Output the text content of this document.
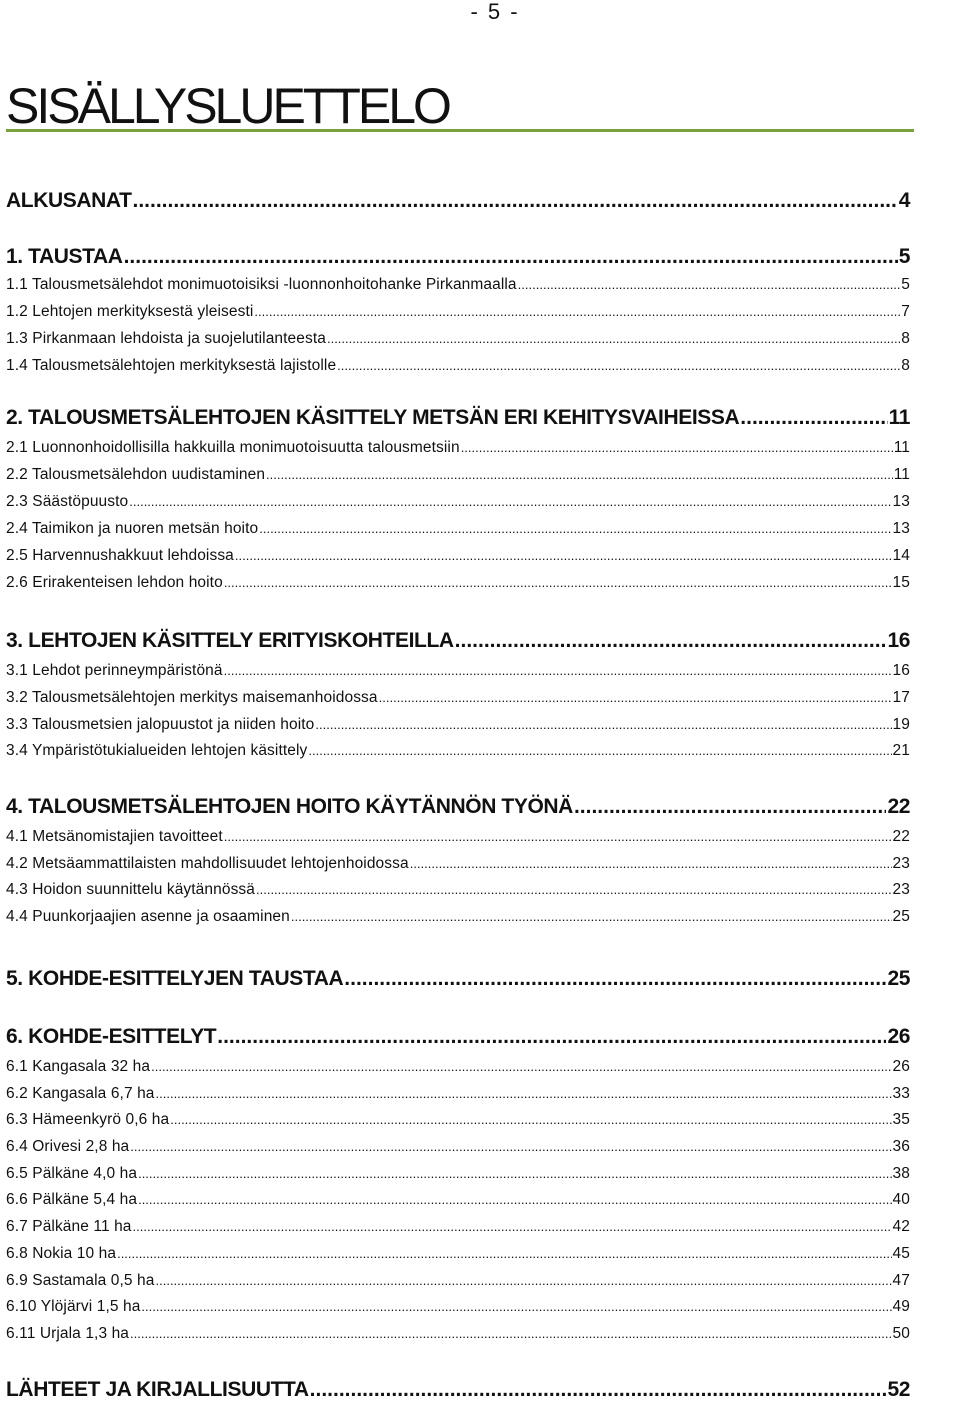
- 5 -
SISÄLLYSLUETTELO
ALKUSANAT .....	4
1. TAUSTAA .....	5
1.1 Talousmetsälehdot monimuotoisiksi -luonnonhoitohanke Pirkanmaalla .....	5
1.2 Lehtojen merkityksestä yleisesti .....	7
1.3 Pirkanmaan lehdoista ja suojelutilanteesta .....	8
1.4 Talousmetsälehtojen merkityksestä lajistolle .....	8
2. TALOUSMETSÄLEHTOJEN KÄSITTELY METSÄN ERI KEHITYSVAIHEISSA .....	11
2.1 Luonnonhoidollisilla hakkuilla monimuotoisuutta talousmetsiin .....	11
2.2 Talousmetsälehdon uudistaminen .....	11
2.3 Säästöpuusto .....	13
2.4 Taimikon ja nuoren metsän hoito .....	13
2.5 Harvennushakkuut lehdoissa .....	14
2.6 Erirakenteisen lehdon hoito .....	15
3. LEHTOJEN KÄSITTELY ERITYISKOHTEILLA .....	16
3.1 Lehdot perinneympäristönä .....	16
3.2 Talousmetsälehtojen merkitys maisemanhoidossa .....	17
3.3 Talousmetsien jalopuustot ja niiden hoito .....	19
3.4 Ympäristötukialueiden lehtojen käsittely .....	21
4. TALOUSMETSÄLEHTOJEN HOITO KÄYTÄNNÖN TYÖNÄ .....	22
4.1 Metsänomistajien tavoitteet .....	22
4.2 Metsäammattilaisten mahdollisuudet lehtojenhoidossa .....	23
4.3 Hoidon suunnittelu käytännössä .....	23
4.4 Puunkorjaajien asenne ja osaaminen .....	25
5. KOHDE-ESITTELYJEN TAUSTAA .....	25
6. KOHDE-ESITTELYT .....	26
6.1 Kangasala 32 ha .....	26
6.2 Kangasala 6,7 ha .....	33
6.3 Hämeenkyrö 0,6 ha .....	35
6.4 Orivesi 2,8 ha .....	36
6.5 Pälkäne 4,0 ha .....	38
6.6 Pälkäne 5,4 ha .....	40
6.7 Pälkäne 11 ha .....	42
6.8 Nokia 10 ha .....	45
6.9 Sastamala 0,5 ha .....	47
6.10 Ylöjärvi 1,5 ha .....	49
6.11 Urjala 1,3 ha .....	50
LÄHTEET JA KIRJALLISUUTTA .....	52
